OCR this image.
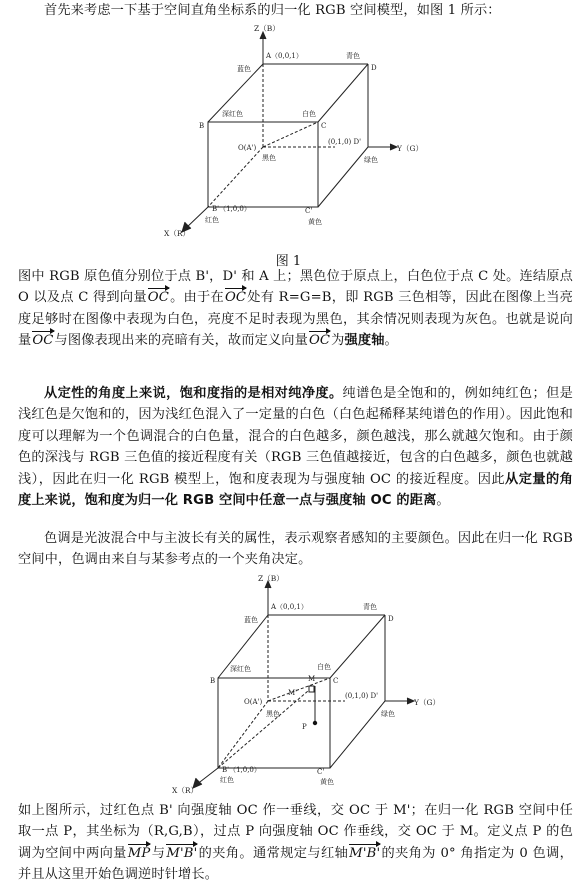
首先来考虑一下基于空间直角坐标系的归一化 RGB 空间模型，如图 1 所示：
Z（B）
A（0,0,1）
蓝色
青色
D
B
深红色	白色
C
O(A')
黑色
(0,1,0) D'
绿色
Y（G）
B'（1,0,0）
红色
C'
黄色
X（R）
图 1
图中 RGB 原色值分别位于点 B'，D' 和 A 上；黑色位于原点上，白色位于点 C 处。连结原点 O 以及点 C 得到向量OC。由于在OC处有 R=G=B，即 RGB 三色相等，因此在图像上当亮度足够时在图像中表现为白色，亮度不足时表现为黑色，其余情况则表现为灰色。也就是说向量OC与图像表现出来的亮暗有关，故而定义向量OC为强度轴。
从定性的角度上来说，饱和度指的是相对纯净度。纯谱色是全饱和的，例如纯红色；但是浅红色是欠饱和的，因为浅红色混入了一定量的白色（白色起稀释某纯谱色的作用）。因此饱和度可以理解为一个色调混合的白色量，混合的白色越多，颜色越浅，那么就越欠饱和。由于颜色的深浅与 RGB 三色值的接近程度有关（RGB 三色值越接近，包含的白色越多，颜色也就越浅），因此在归一化 RGB 模型上，饱和度表现为与强度轴 OC 的接近程度。因此从定量的角度上来说，饱和度为归一化 RGB 空间中任意一点与强度轴 OC 的距离。
色调是光波混合中与主波长有关的属性，表示观察者感知的主要颜色。因此在归一化 RGB 空间中，色调由来自与某参考点的一个夹角决定。
Z（B）
A（0,0,1）
蓝色
青色
D
B
深红色	白色
M
M'
C
O(A')
黑色
(0,1,0) D'
绿色
Y（G）
P
B'（1,0,0）
红色
C'
黄色
X（R）
如上图所示，过红色点 B' 向强度轴 OC 作一垂线，交 OC 于 M'；在归一化 RGB 空间中任取一点 P，其坐标为（R,G,B），过点 P 向强度轴 OC 作垂线，交 OC 于 M。定义点 P 的色调为空间中两向量MP与M'B'的夹角。通常规定与红轴M'B'的夹角为 0° 角指定为 0 色调，并且从这里开始色调逆时针增长。
